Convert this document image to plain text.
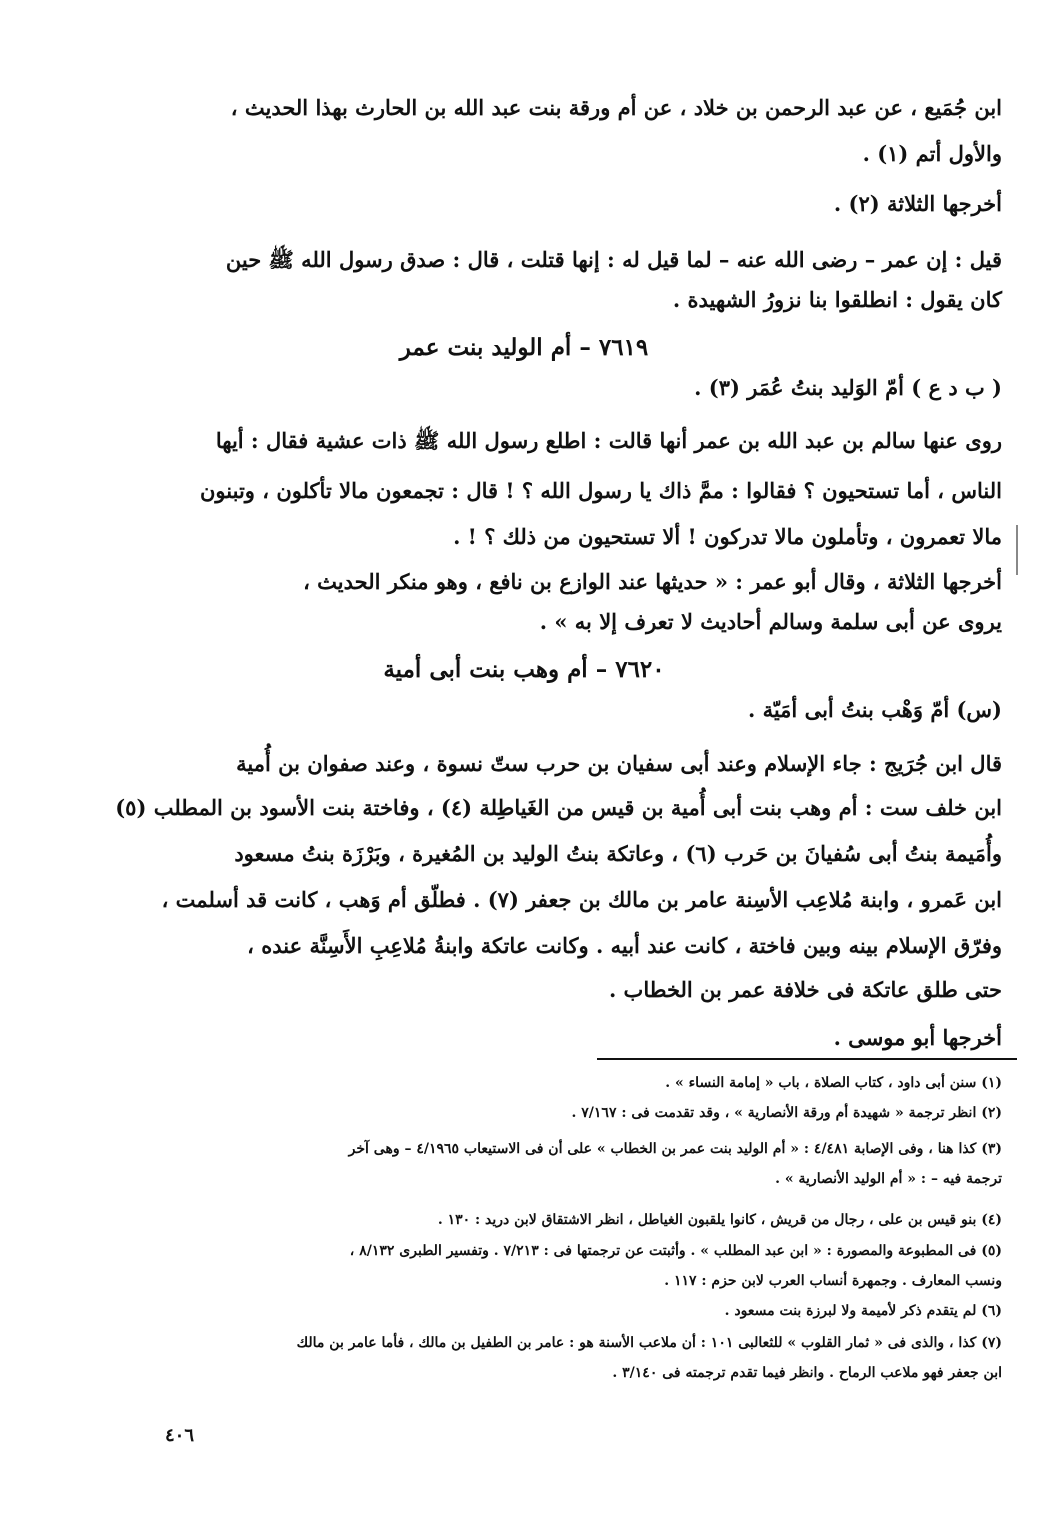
ابن جُمَيع ، عن عبد الرحمن بن خلاد ، عن أم ورقة بنت عبد الله بن الحارث بهذا الحديث ،
والأول أتم (١) .
أخرجها الثلاثة (٢) .
قيل : إن عمر – رضى الله عنه – لما قيل له : إنها قتلت ، قال : صدق رسول الله ﷺ حين
كان يقول : انطلقوا بنا نزورُ الشهيدة .
( ب د ع ) أمّ الوَليد بنتُ عُمَر (٣) .
روى عنها سالم بن عبد الله بن عمر أنها قالت : اطلع رسول الله ﷺ ذات عشية فقال : أيها
الناس ، أما تستحيون ؟ فقالوا : ممَّ ذاك يا رسول الله ؟ ! قال : تجمعون مالا تأكلون ، وتبنون
مالا تعمرون ، وتأملون مالا تدركون ! ألا تستحيون من ذلك ؟ ! .
أخرجها الثلاثة ، وقال أبو عمر : « حديثها عند الوازع بن نافع ، وهو منكر الحديث ،
يروى عن أبى سلمة وسالم أحاديث لا تعرف إلا به » .
(س) أمّ وَهْب بنتُ أبى أمَيّة .
قال ابن جُرَيج : جاء الإسلام وعند أبى سفيان بن حرب ستّ نسوة ، وعند صفوان بن أُمية
ابن خلف ست : أم وهب بنت أبى أُمية بن قيس من الغَياطِلة (٤) ، وفاختة بنت الأسود بن المطلب (٥)
وأُمَيمة بنتُ أبى سُفيانَ بن حَرب (٦) ، وعاتكة بنتُ الوليد بن المُغيرة ، وبَرْزَة بنتُ مسعود
ابن عَمرو ، وابنة مُلاعِب الأسِنة عامر بن مالك بن جعفر (٧) . فطلّق أم وَهب ، كانت قد أسلمت ،
وفرّق الإسلام بينه وبين فاختة ، كانت عند أبيه . وكانت عاتكة وابنةُ مُلاعِبِ الأَسِنَّة عنده ،
حتى طلق عاتكة فى خلافة عمر بن الخطاب .
أخرجها أبو موسى .
٧٦١٩ – أم الوليد بنت عمر
٧٦٢٠ – أم وهب بنت أبى أمية
(١) سنن أبى داود ، كتاب الصلاة ، باب « إمامة النساء » .
(٢) انظر ترجمة « شهيدة أم ورقة الأنصارية » ، وقد تقدمت فى : ٧/١٦٧ .
(٣) كذا هنا ، وفى الإصابة ٤/٤٨١ : « أم الوليد بنت عمر بن الخطاب » على أن فى الاستيعاب ٤/١٩٦٥ – وهى آخر
ترجمة فيه – : « أم الوليد الأنصارية » .
(٤) بنو قيس بن على ، رجال من قريش ، كانوا يلقبون الغياطل ، انظر الاشتقاق لابن دريد : ١٣٠ .
(٥) فى المطبوعة والمصورة : « ابن عبد المطلب » . وأثبتت عن ترجمتها فى : ٧/٢١٣ . وتفسير الطبرى ٨/١٣٢ ،
ونسب المعارف . وجمهرة أنساب العرب لابن حزم : ١١٧ .
(٦) لم يتقدم ذكر لأميمة ولا لبرزة بنت مسعود .
(٧) كذا ، والذى فى « ثمار القلوب » للثعالبى ١٠١ : أن ملاعب الأسنة هو : عامر بن الطفيل بن مالك ، فأما عامر بن مالك
ابن جعفر فهو ملاعب الرماح . وانظر فيما تقدم ترجمته فى ٣/١٤٠ .
٤٠٦
